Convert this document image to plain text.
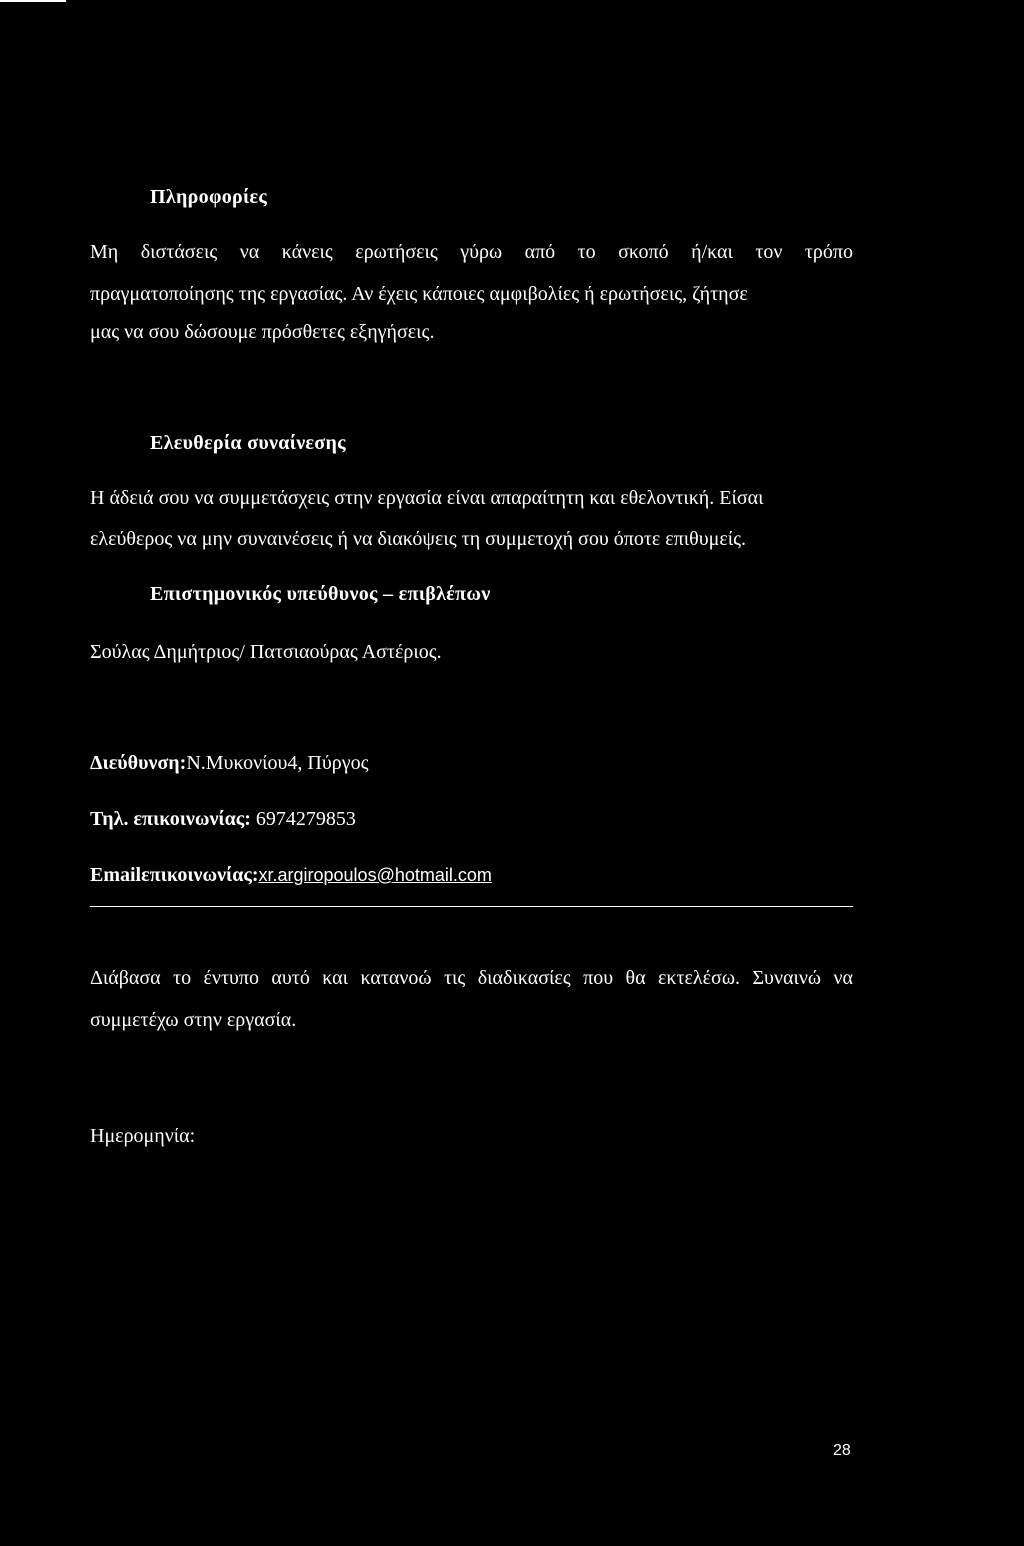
Πληροφορίες
Μη διστάσεις να κάνεις ερωτήσεις γύρω από το σκοπό ή/και τον τρόπο
πραγματοποίησης της εργασίας. Αν έχεις κάποιες αμφιβολίες ή ερωτήσεις, ζήτησε
μας να σου δώσουμε πρόσθετες εξηγήσεις.
Ελευθερία συναίνεσης
Η άδειά σου να συμμετάσχεις στην εργασία είναι απαραίτητη και εθελοντική. Είσαι
ελεύθερος να μην συναινέσεις ή να διακόψεις τη συμμετοχή σου όποτε επιθυμείς.
Επιστημονικός υπεύθυνος – επιβλέπων
Σούλας Δημήτριος/ Πατσιαούρας Αστέριος.
Διεύθυνση:Ν.Μυκονίου4, Πύργος
Τηλ. επικοινωνίας: 6974279853
Emailεπικοινωνίας:xr.argiropoulos@hotmail.com
Διάβασα το έντυπο αυτό και κατανοώ τις διαδικασίες που θα εκτελέσω. Συναινώ να
συμμετέχω στην εργασία.
Ημερομηνία:
28
